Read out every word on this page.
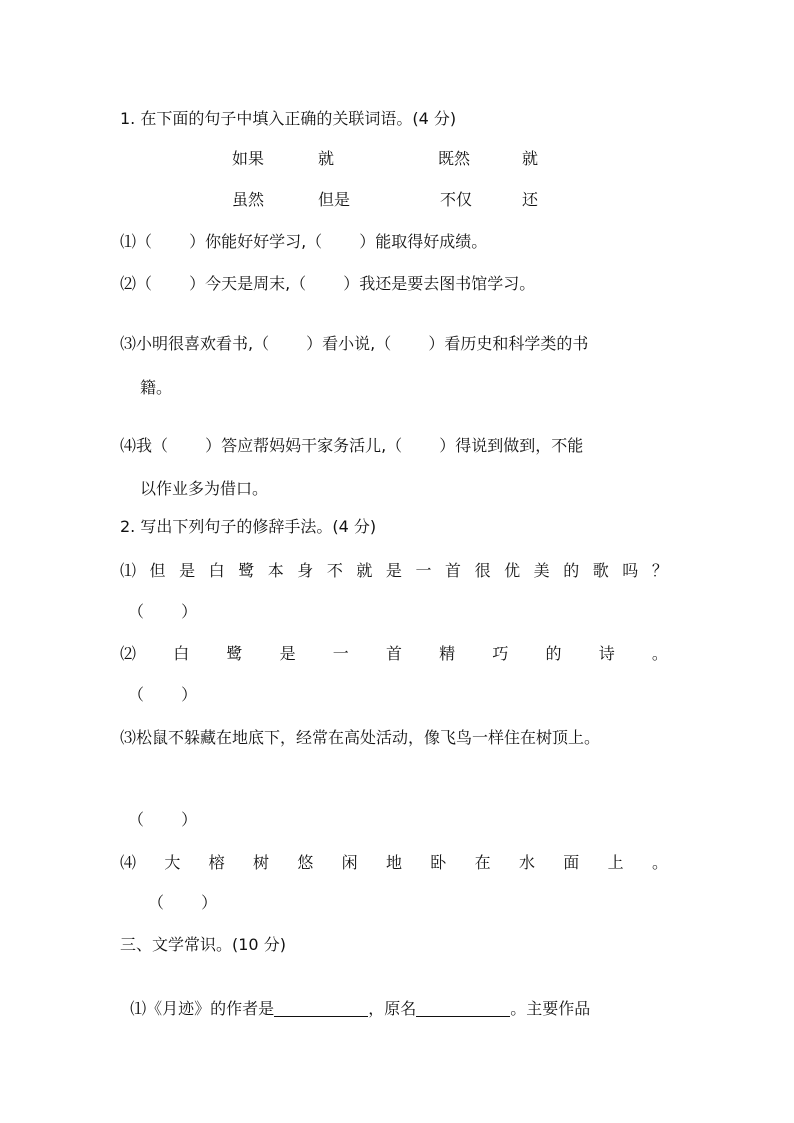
1. 在下面的句子中填入正确的关联词语。(4 分)
如果	就	既然	就
虽然	但是	不仅	还
⑴（　　 ）你能好好学习,（　　 ）能取得好成绩。
⑵（　　 ）今天是周末,（　　 ）我还是要去图书馆学习。
⑶小明很喜欢看书,（　　 ）看小说,（　　 ）看历史和科学类的书
籍。
⑷我（　　 ）答应帮妈妈干家务活儿,（　　 ）得说到做到，不能
以作业多为借口。
2. 写出下列句子的修辞手法。(4 分)
⑴ 但 是 白 鹭 本 身 不 就 是 一 首 很 优 美 的 歌 吗 ？
（　　 ）
⑵ 白 鹭 是 一 首 精 巧 的 诗 。
（　　 ）
⑶松鼠不躲藏在地底下，经常在高处活动，像飞鸟一样住在树顶上。
（　　 ）
⑷ 大 榕 树 悠 闲 地 卧 在 水 面 上 。
（　　 ）
三、文学常识。(10 分)

⑴《月迹》的作者是	，原名	。主要作品
